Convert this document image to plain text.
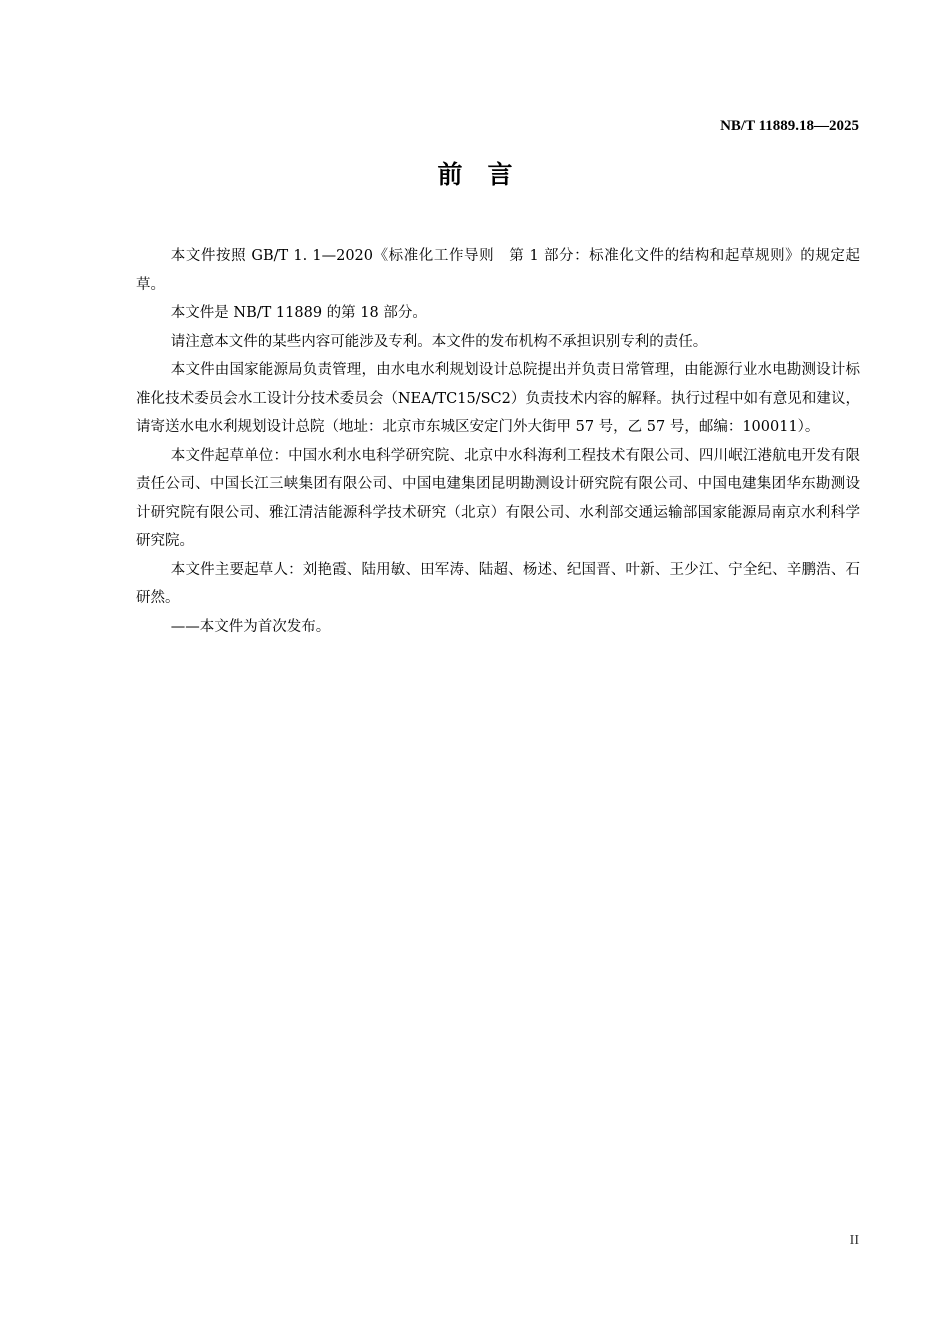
NB/T 11889.18—2025
前　言

本文件按照 GB/T 1. 1—2020《标准化工作导则　第 1 部分：标准化文件的结构和起草规则》的规定起草。

本文件是 NB/T 11889 的第 18 部分。

请注意本文件的某些内容可能涉及专利。本文件的发布机构不承担识别专利的责任。

本文件由国家能源局负责管理，由水电水利规划设计总院提出并负责日常管理，由能源行业水电勘测设计标准化技术委员会水工设计分技术委员会（NEA/TC15/SC2）负责技术内容的解释。执行过程中如有意见和建议，请寄送水电水利规划设计总院（地址：北京市东城区安定门外大街甲 57 号，乙 57 号，邮编：100011）。

本文件起草单位：中国水利水电科学研究院、北京中水科海利工程技术有限公司、四川岷江港航电开发有限责任公司、中国长江三峡集团有限公司、中国电建集团昆明勘测设计研究院有限公司、中国电建集团华东勘测设计研究院有限公司、雅江清洁能源科学技术研究（北京）有限公司、水利部交通运输部国家能源局南京水利科学研究院。

本文件主要起草人：刘艳霞、陆用敏、田军涛、陆超、杨述、纪国晋、叶新、王少江、宁全纪、辛鹏浩、石研然。

——本文件为首次发布。

II
